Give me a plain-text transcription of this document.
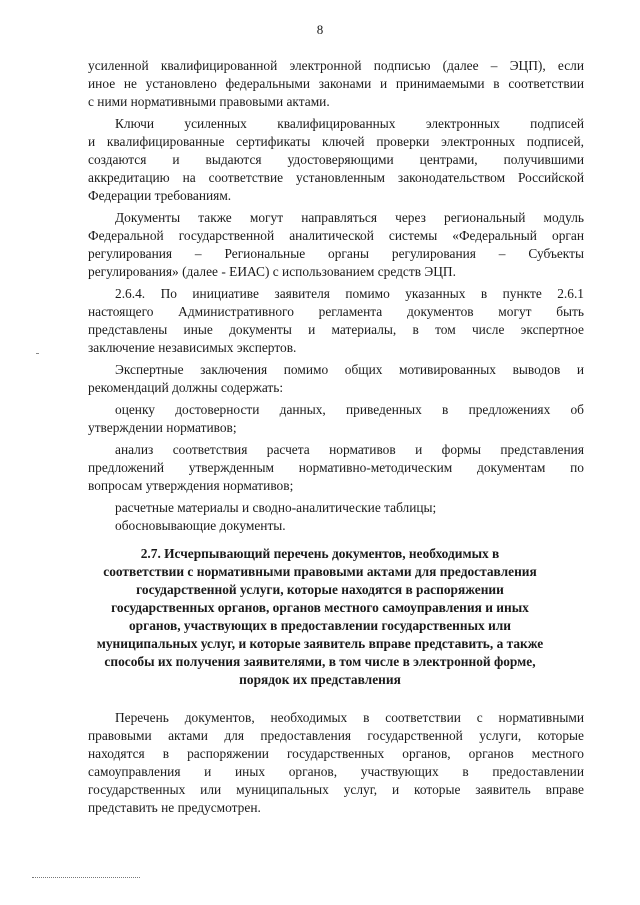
8
усиленной квалифицированной электронной подписью (далее – ЭЦП), если
иное не установлено федеральными законами и принимаемыми в соответствии
с ними нормативными правовыми актами.
Ключи усиленных квалифицированных электронных подписей
и квалифицированные сертификаты ключей проверки электронных подписей,
создаются и выдаются удостоверяющими центрами, получившими
аккредитацию на соответствие установленным законодательством Российской
Федерации требованиям.
Документы также могут направляться через региональный модуль
Федеральной государственной аналитической системы «Федеральный орган
регулирования – Региональные органы регулирования – Субъекты
регулирования» (далее - ЕИАС) с использованием средств ЭЦП.
2.6.4. По инициативе заявителя помимо указанных в пункте 2.6.1
настоящего Административного регламента документов могут быть
представлены иные документы и материалы, в том числе экспертное
заключение независимых экспертов.
Экспертные заключения помимо общих мотивированных выводов и
рекомендаций должны содержать:
оценку достоверности данных, приведенных в предложениях об
утверждении нормативов;
анализ соответствия расчета нормативов и формы представления
предложений утвержденным нормативно-методическим документам по
вопросам утверждения нормативов;
расчетные материалы и сводно-аналитические таблицы;
обосновывающие документы.
2.7. Исчерпывающий перечень документов, необходимых в
соответствии с нормативными правовыми актами для предоставления
государственной услуги, которые находятся в распоряжении
государственных органов, органов местного самоуправления и иных
органов, участвующих в предоставлении государственных или
муниципальных услуг, и которые заявитель вправе представить, а также
способы их получения заявителями, в том числе в электронной форме,
порядок их представления
Перечень документов, необходимых в соответствии с нормативными
правовыми актами для предоставления государственной услуги, которые
находятся в распоряжении государственных органов, органов местного
самоуправления и иных органов, участвующих в предоставлении
государственных или муниципальных услуг, и которые заявитель вправе
представить не предусмотрен.
